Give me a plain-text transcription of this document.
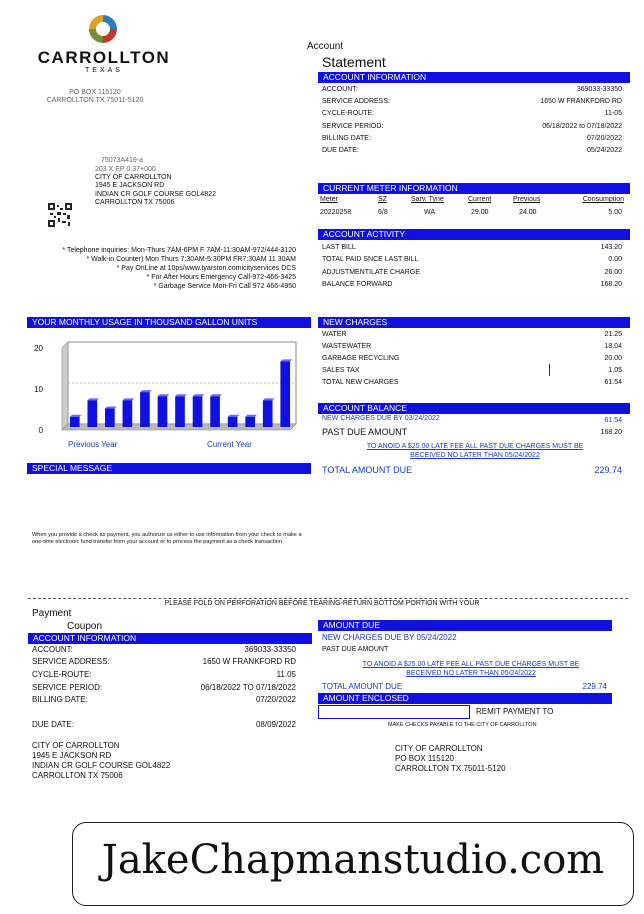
CARROLLTON
TEXAS
PO BOX 115120
CARROLLTON TX 75011-5120
75073A419-a
203 X EP 0.37+000
CITY OF CARROLLTON
1945 E JACKSON RD
INDIAN CR GOLF COURSE GOL4822
CARROLLTON TX 75006
* Telephone inquiries: Mon-Thurs 7AM-6PM F 7AM-11:30AM-972/444-3120
* Walk-in Counter) Mon Thurs 7:30AM-5:30PM FR7:30AM 11 30AM
* Pay OnLine at 10ps/www.tyarston.comicityservices DCS
* For After Hours Emergency Call-972-466-3425
* Garbage Service Mon-Fri Call 972 466-4950
Account
Statement
ACCOUNT INFORMATION
ACCOUNT:	369033-33350
SERVICE ADDRESS:	1650 W FRANKFORD RD
CYCLE-ROUTE:	11-05
SERVICE PERIOD:	06/18/2022 to 07/18/2022
BILLING DATE:	07/20/2022
DUE DATE:	05/24/2022
CURRENT METER INFORMATION
Meter	SZ	Sarv. Tyne	Current	Previous	Consumption
20220258	6/8	WA	29.00	24.00	5.00
ACCOUNT ACTIVITY
LAST BILL	143.20
TOTAL PAID SNCE LAST BILL	0.00
ADJUSTMENTILATE CHARGE	26.00
BALANCE FORWARD	168.20
YOUR MONTHLY USAGE IN THOUSAND GALLON UNITS
0
10
20
Previous Year	Current Year
NEW CHARGES
WATER	21.25
WASTEWATER	18.04
GARBAGE RECYCLING	20.00
SALES TAX	1.05
TOTAL NEW CHARGES	61.54
ACCOUNT BALANCE
NEW CHARGES DUE BY 03/24/2022	61.54
PAST DUE AMOUNT	168.20
TO ANOID A $25.00 LATE FEE ALL PAST DUE CHARGES MUST BE
BECEIVED NO LATER THAN 05/24/2022
TOTAL AMOUNT DUE	229.74
SPECIAL MESSAGE
When you provide a check as payment, you authorize us either to use information from your check to make a one-time electronic fund transfer from your account or to process the payment as a check transaction
PLEASE FOLD ON PERFORATION BEFORE TEARING-RETURN BOTTOM PORTION WITH YOUR
Payment
Coupon
ACCOUNT INFORMATION
ACCOUNT:	369033-33350
SERVICE ADDRESS:	1650 W FRANKFORD RD
CYCLE-ROUTE:	11.05
SERVICE PERIOD:	06/18/2022 TO 07/18/2022
BILLING DATE:	07/20/2022
DUE DATE:	08/09/2022
CITY OF CARROLLTON
1945 E JACKSON RD
INDIAN CR GOLF COURSE GOL4822
CARROLLTON TX 75006
AMOUNT DUE
NEW CHARGES DUE BY 05/24/2022
PAST DUE AMOUNT
TO ANOID A $25.00 LATE FEE ALL PAST DUE CHARGES MUST BE
BECEIVED NO LATER THAN 05/24/2022
TOTAL AMOUNT DUE	229.74
AMOUNT ENCLOSED
REMIT PAYMENT TO
MAKE CHECKS PAYABLE TO THE CITY OF CARROLLTON
CITY OF CARROLLTON
PO BOX 115120
CARROLLTON TX 75011-5120
JakeChapmanstudio.com
